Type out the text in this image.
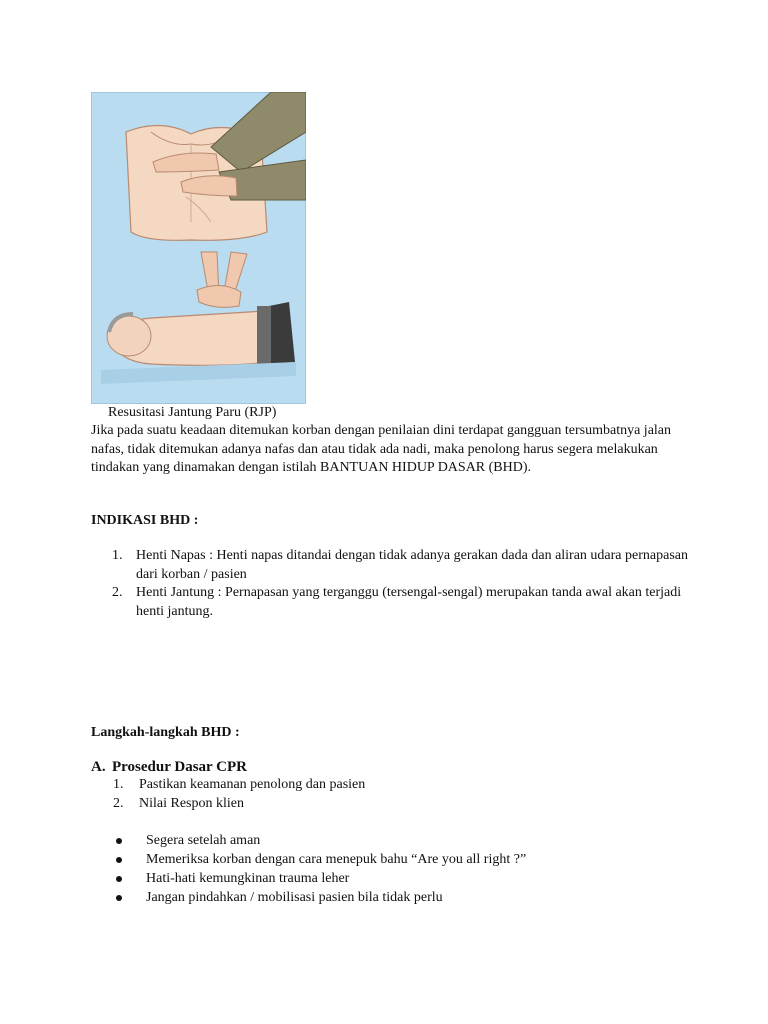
Resusitasi Jantung Paru (RJP)
Jika pada suatu keadaan ditemukan korban dengan penilaian dini terdapat gangguan tersumbatnya jalan nafas, tidak ditemukan adanya nafas dan atau tidak ada nadi, maka penolong harus segera melakukan tindakan yang dinamakan dengan istilah BANTUAN HIDUP DASAR (BHD).
INDIKASI BHD :
1. Henti Napas : Henti napas ditandai dengan tidak adanya gerakan dada dan aliran udara pernapasan dari korban / pasien
2. Henti Jantung : Pernapasan yang terganggu (tersengal-sengal) merupakan tanda awal akan terjadi henti jantung.
Langkah-langkah BHD :
A. Prosedur Dasar CPR
1. Pastikan keamanan penolong dan pasien
2. Nilai Respon klien
Segera setelah aman
Memeriksa korban dengan cara menepuk bahu “Are you all right ?”
Hati-hati kemungkinan trauma leher
Jangan pindahkan / mobilisasi pasien bila tidak perlu
